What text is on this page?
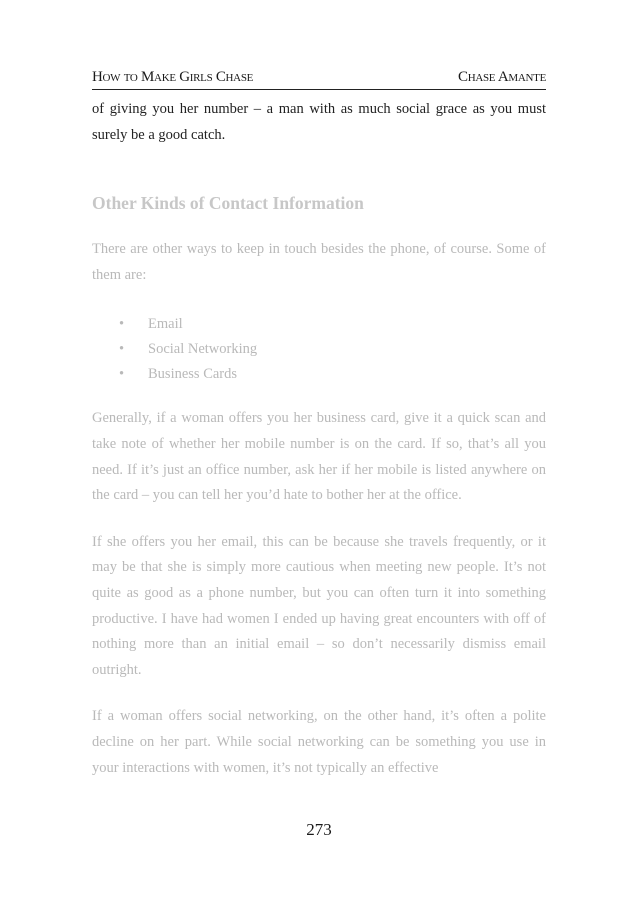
How to Make Girls Chase	Chase Amante

of giving you her number – a man with as much social grace as you must surely be a good catch.

Other Kinds of Contact Information

There are other ways to keep in touch besides the phone, of course. Some of them are:

• Email
• Social Networking
• Business Cards

Generally, if a woman offers you her business card, give it a quick scan and take note of whether her mobile number is on the card. If so, that’s all you need. If it’s just an office number, ask her if her mobile is listed anywhere on the card – you can tell her you’d hate to bother her at the office.

If she offers you her email, this can be because she travels frequently, or it may be that she is simply more cautious when meeting new people. It’s not quite as good as a phone number, but you can often turn it into something productive. I have had women I ended up having great encounters with off of nothing more than an initial email – so don’t necessarily dismiss email outright.

If a woman offers social networking, on the other hand, it’s often a polite decline on her part. While social networking can be something you use in your interactions with women, it’s not typically an effective

273
